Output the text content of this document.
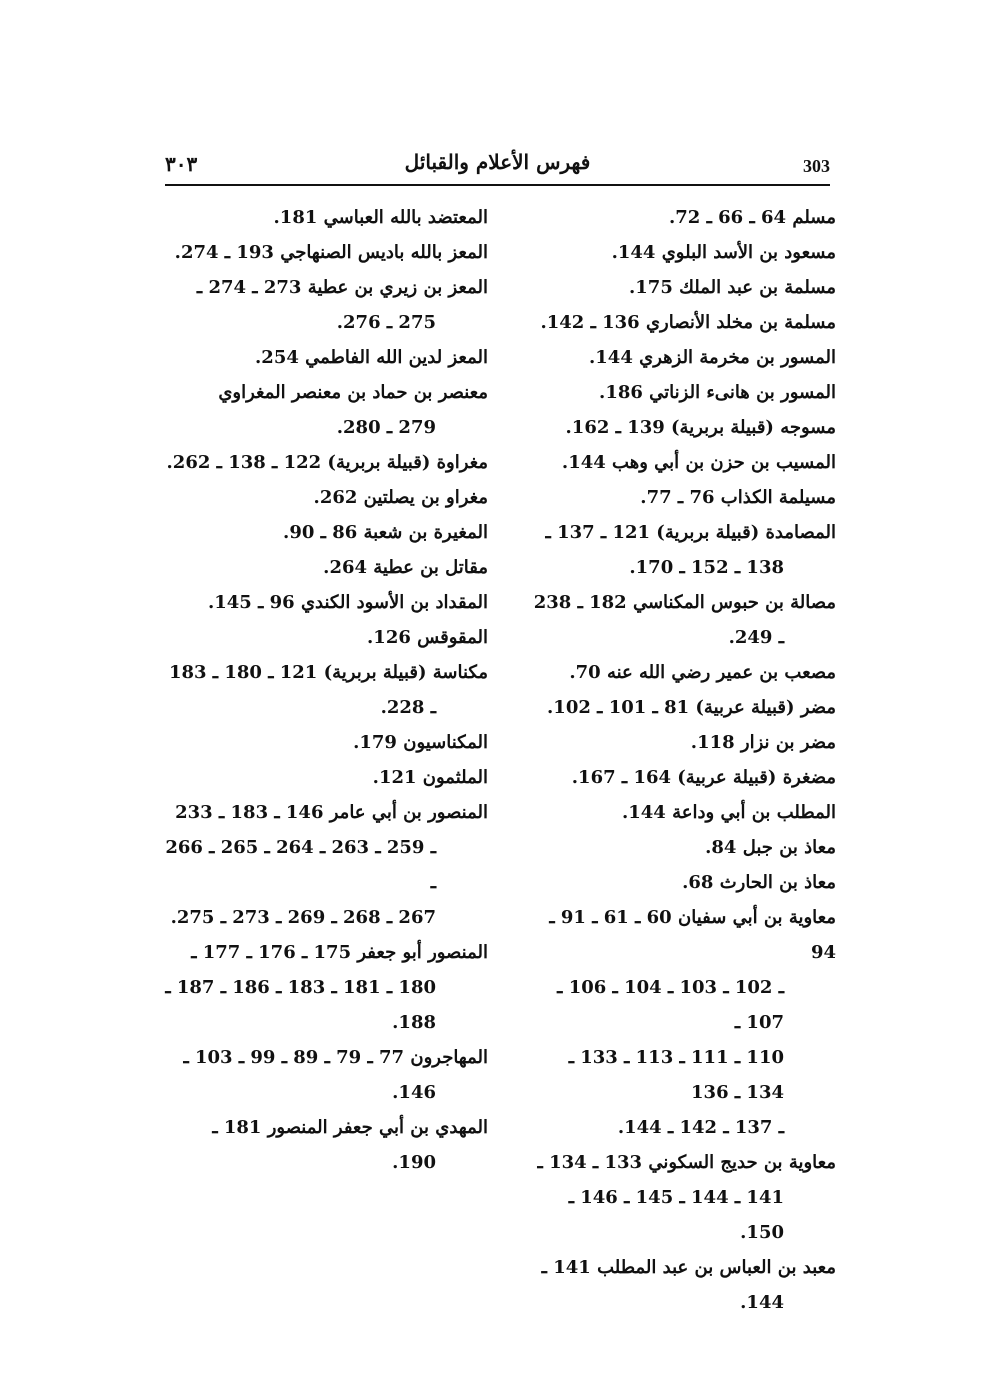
303
فهرس الأعلام والقبائل
٣٠٣
مسلم 64 ـ 66 ـ 72.
مسعود بن الأسد البلوي 144.
مسلمة بن عبد الملك 175.
مسلمة بن مخلد الأنصاري 136 ـ 142.
المسور بن مخرمة الزهري 144.
المسور بن هانىء الزناتي 186.
مسوجه (قبيلة بربرية) 139 ـ 162.
المسيب بن حزن بن أبي وهب 144.
مسيلمة الكذاب 76 ـ 77.
المصامدة (قبيلة بربرية) 121 ـ 137 ـ
138 ـ 152 ـ 170.
مصالة بن حبوس المكناسي 182 ـ 238
ـ 249.
مصعب بن عمير رضي الله عنه 70.
مضر (قبيلة عربية) 81 ـ 101 ـ 102.
مضر بن نزار 118.
مضغرة (قبيلة عربية) 164 ـ 167.
المطلب بن أبي وداعة 144.
معاذ بن جبل 84.
معاذ بن الحارث 68.
معاوية بن أبي سفيان 60 ـ 61 ـ 91 ـ 94
ـ 102 ـ 103 ـ 104 ـ 106 ـ 107 ـ
110 ـ 111 ـ 113 ـ 133 ـ 134 ـ 136
ـ 137 ـ 142 ـ 144.
معاوية بن حديج السكوني 133 ـ 134 ـ
141 ـ 144 ـ 145 ـ 146 ـ 150.
معبد بن العباس بن عبد المطلب 141 ـ
144.
المعتضد بالله العباسي 181.
المعز بالله باديس الصنهاجي 193 ـ 274.
المعز بن زيري بن عطية 273 ـ 274 ـ
275 ـ 276.
المعز لدين الله الفاطمي 254.
معنصر بن حماد بن معنصر المغراوي
279 ـ 280.
مغراوة (قبيلة بربرية) 122 ـ 138 ـ 262.
مغراو بن يصلتين 262.
المغيرة بن شعبة 86 ـ 90.
مقاتل بن عطية 264.
المقداد بن الأسود الكندي 96 ـ 145.
المقوقس 126.
مكناسة (قبيلة بربرية) 121 ـ 180 ـ 183
ـ 228.
المكناسيون 179.
الملثمون 121.
المنصور بن أبي عامر 146 ـ 183 ـ 233
ـ 259 ـ 263 ـ 264 ـ 265 ـ 266 ـ
267 ـ 268 ـ 269 ـ 273 ـ 275.
المنصور أبو جعفر 175 ـ 176 ـ 177 ـ
180 ـ 181 ـ 183 ـ 186 ـ 187 ـ
188.
المهاجرون 77 ـ 79 ـ 89 ـ 99 ـ 103 ـ
146.
المهدي بن أبي جعفر المنصور 181 ـ
190.
